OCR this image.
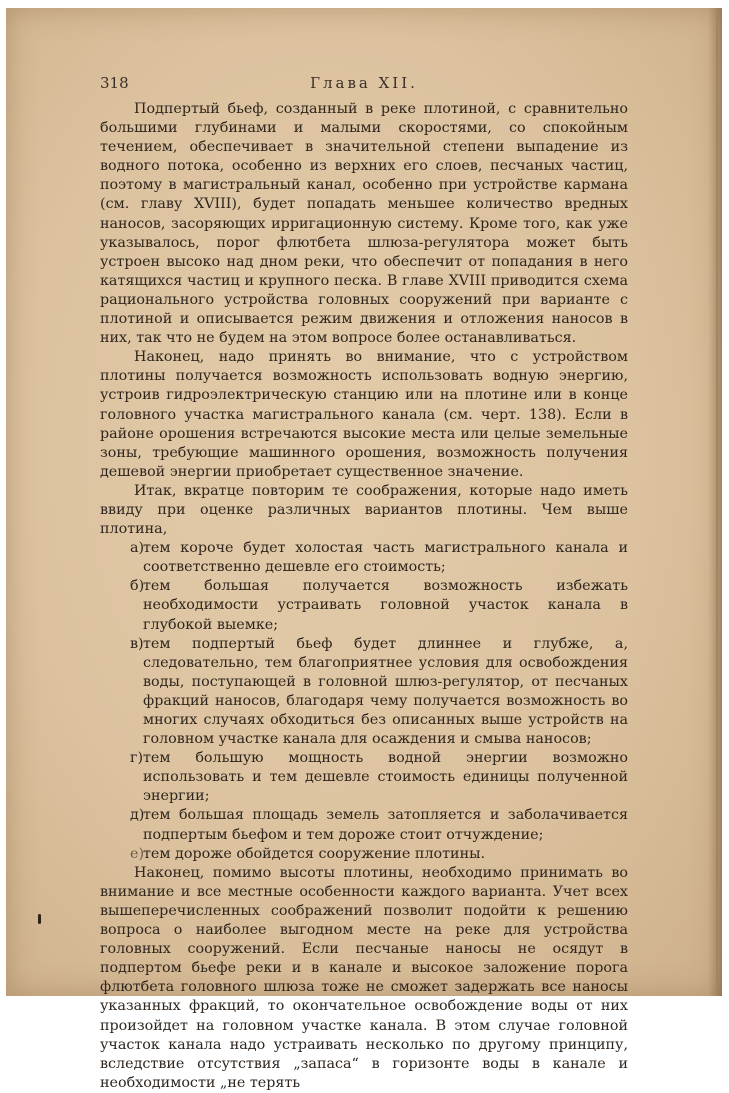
318	Глава XII.

Подпертый бьеф, созданный в реке плотиной, с сравнительно большими глубинами и малыми скоростями, со спокойным течением, обеспечивает в значительной степени выпадение из водного потока, особенно из верхних его слоев, песчаных частиц, поэтому в магистральный канал, особенно при устройстве кармана (см. главу XVIII), будет попадать меньшее количество вредных наносов, засоряющих ирригационную систему. Кроме того, как уже указывалось, порог флютбета шлюза-регулятора может быть устроен высоко над дном реки, что обеспечит от попадания в него катящихся частиц и крупного песка. В главе XVIII приводится схема рациональнoго устройства головных сооружений при варианте с плотиной и описывается режим движения и отложения наносов в них, так что не будем на этом вопросе более останавливаться.

Наконец, надо принять во внимание, что с устройством плотины получается возможность использовать водную энергию, устроив гидроэлектрическую станцию или на плотине или в конце головного участка магистрального канала (см. черт. 138). Если в районе орошения встречаются высокие места или целые земельные зоны, требующие машинного орошения, возможность получения дешевой энергии приобретает существенное значение.

Итак, вкратце повторим те соображения, которые надо иметь ввиду при оценке различных вариантов плотины. Чем выше плотина,

а)
тем короче будет холостая часть магистрального канала и соответственно дешевле его стоимость;
б)
тем большая получается возможность избежать необходимости устраивать головной участок канала в глубокой выемке;
в) тем подпертый бьеф будет длиннее и глубже, а, следовательно, тем благоприятнее условия для освобождения воды, поступающей в головной шлюз-регулятор, от песчаных фракций наносов, благодаря чему получается возможность во многих случаях обходиться без описанных выше устройств на головном участке канала для осаждения и смыва наносов;
г) тем большую мощность водной энергии возможно использовать и тем дешевле стоимость единицы полученной энергии;
д)
тем большая площадь земель затопляется и заболачивается подпертым бьефом и тем дороже стоит отчуждение;
е)
тем дороже обойдется сооружение плотины.

Наконец, помимо высоты плотины, необходимо принимать во внимание и все местные особенности каждого варианта. Учет всех вышеперечисленных соображений позволит подойти к решению вопроса о наиболее выгодном месте на реке для устройства головных сооружений. Если песчаные наносы не осядут в подпертом бьефе реки и в канале и высокое заложение порога флютбета головного шлюза тоже не сможет задержать все наносы указанных фракций, то окончательное освобождение воды от них произойдет на головном участке канала. В этом случае головной участок канала надо устраивать несколько по другому принципу, вследствие отсутствия „запаса“ в горизонте воды в канале и необходимости „не терять
